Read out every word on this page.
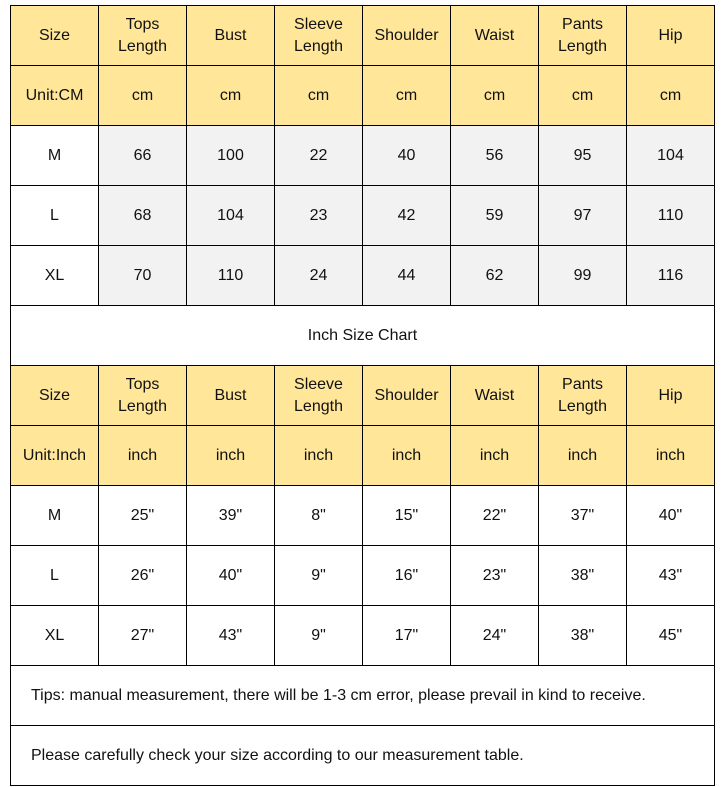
Size	Tops Length	Bust	Sleeve Length	Shoulder	Waist	Pants Length	Hip
Unit:CM	cm	cm	cm	cm	cm	cm	cm
M	66	100	22	40	56	95	104
L	68	104	23	42	59	97	110
XL	70	110	24	44	62	99	116
Inch Size Chart							
Size	Tops Length	Bust	Sleeve Length	Shoulder	Waist	Pants Length	Hip
Unit:Inch	inch	inch	inch	inch	inch	inch	inch
M	25"	39"	8"	15"	22"	37"	40"
L	26"	40"	9"	16"	23"	38"	43"
XL	27"	43"	9"	17"	24"	38"	45"
Tips: manual measurement, there will be 1-3 cm error, please prevail in kind to receive.							
Please carefully check your size according to our measurement table.							
